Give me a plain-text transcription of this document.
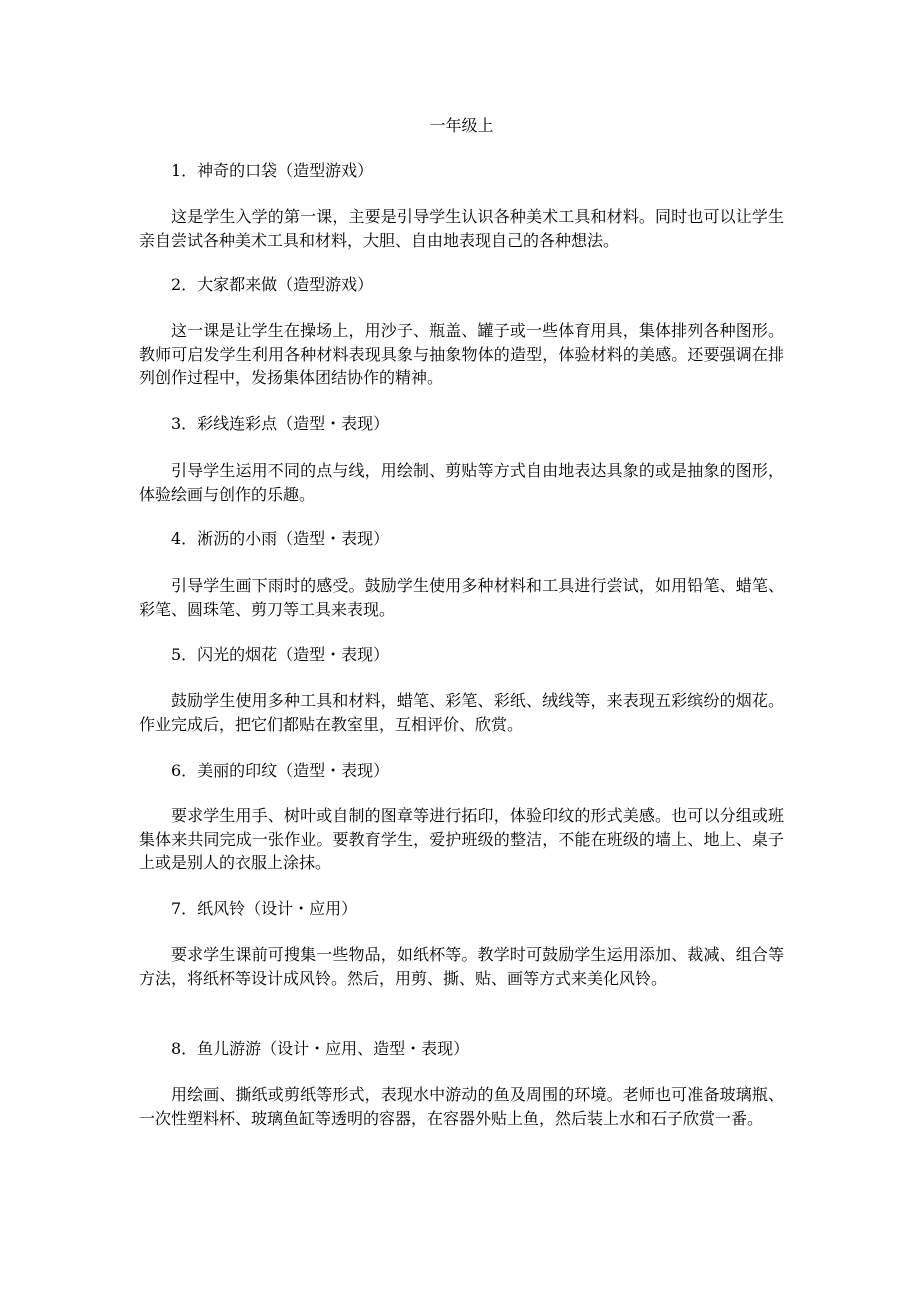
一年级上

1．神奇的口袋（造型游戏）

这是学生入学的第一课，主要是引导学生认识各种美术工具和材料。同时也可以让学生亲自尝试各种美术工具和材料，大胆、自由地表现自己的各种想法。

2．大家都来做（造型游戏）

这一课是让学生在操场上，用沙子、瓶盖、罐子或一些体育用具，集体排列各种图形。教师可启发学生利用各种材料表现具象与抽象物体的造型，体验材料的美感。还要强调在排列创作过程中，发扬集体团结协作的精神。

3．彩线连彩点（造型・表现）

引导学生运用不同的点与线，用绘制、剪贴等方式自由地表达具象的或是抽象的图形，体验绘画与创作的乐趣。

4．淅沥的小雨（造型・表现）

引导学生画下雨时的感受。鼓励学生使用多种材料和工具进行尝试，如用铅笔、蜡笔、彩笔、圆珠笔、剪刀等工具来表现。

5．闪光的烟花（造型・表现）

鼓励学生使用多种工具和材料，蜡笔、彩笔、彩纸、绒线等，来表现五彩缤纷的烟花。作业完成后，把它们都贴在教室里，互相评价、欣赏。

6．美丽的印纹（造型・表现）

要求学生用手、树叶或自制的图章等进行拓印，体验印纹的形式美感。也可以分组或班集体来共同完成一张作业。要教育学生，爱护班级的整洁，不能在班级的墙上、地上、桌子上或是别人的衣服上涂抹。

7．纸风铃（设计・应用）

要求学生课前可搜集一些物品，如纸杯等。教学时可鼓励学生运用添加、裁减、组合等方法，将纸杯等设计成风铃。然后，用剪、撕、贴、画等方式来美化风铃。

8．鱼儿游游（设计・应用、造型・表现）

用绘画、撕纸或剪纸等形式，表现水中游动的鱼及周围的环境。老师也可准备玻璃瓶、一次性塑料杯、玻璃鱼缸等透明的容器，在容器外贴上鱼，然后装上水和石子欣赏一番。
